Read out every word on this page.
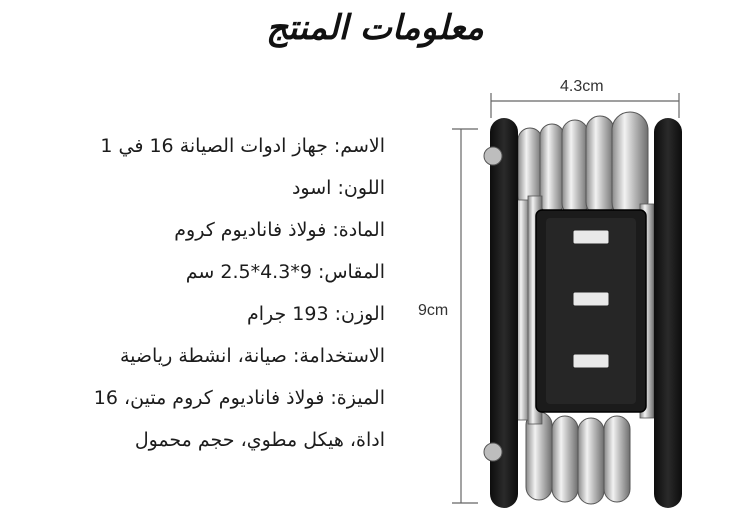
معلومات المنتج
الاسم: جهاز ادوات الصيانة 16 في 1
اللون: اسود
المادة: فولاذ فاناديوم كروم
المقاس: 9*4.3*2.5 سم
الوزن: 193 جرام
الاستخدامة: صيانة، انشطة رياضية
الميزة: فولاذ فاناديوم كروم متين، 16
اداة، هيكل مطوي، حجم محمول
4.3cm
9cm
